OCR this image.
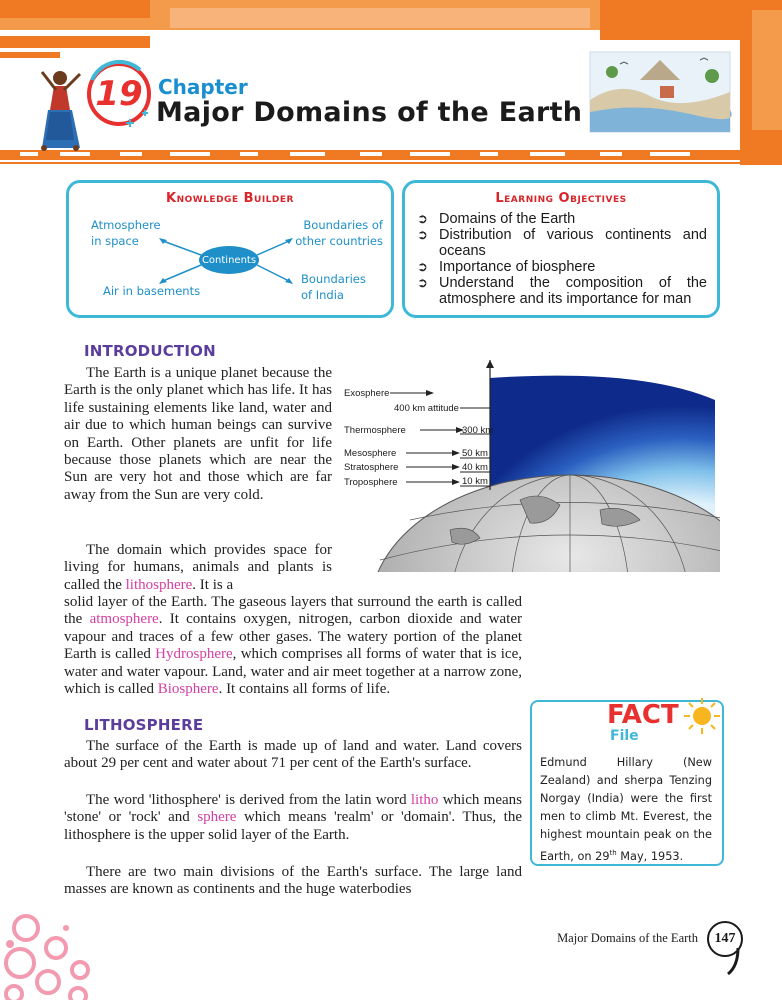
19 Chapter
Major Domains of the Earth
Knowledge Builder
Continents
Atmosphere in space
Boundaries of other countries
Air in basements
Boundaries of India
Learning Objectives
➲ Domains of the Earth
➲ Distribution of various continents and oceans
➲ Importance of biosphere
➲ Understand the composition of the atmosphere and its importance for man
INTRODUCTION

The Earth is a unique planet because the Earth is the only planet which has life. It has life sustaining elements like land, water and air due to which human beings can survive on Earth. Other planets are unfit for life because those planets which are near the Sun are very hot and those which are far away from the Sun are very cold.

The domain which provides space for living for humans, animals and plants is called the lithosphere. It is a

solid layer of the Earth. The gaseous layers that surround the earth is called the atmosphere. It contains oxygen, nitrogen, carbon dioxide and water vapour and traces of a few other gases. The watery portion of the planet Earth is called Hydrosphere, which comprises all forms of water that is ice, water and water vapour. Land, water and air meet together at a narrow zone, which is called Biosphere. It contains all forms of life.

Exosphere
400 km attitude
Thermosphere
Mesosphere
Stratosphere
Troposphere
300 km
50 km
40 km
10 km
LITHOSPHERE

The surface of the Earth is made up of land and water. Land covers about 29 per cent and water about 71 per cent of the Earth's surface.

The word 'lithosphere' is derived from the latin word litho which means 'stone' or 'rock' and sphere which means 'realm' or 'domain'. Thus, the lithosphere is the upper solid layer of the Earth.

There are two main divisions of the Earth's surface. The large land masses are known as continents and the huge waterbodies

FACT
File

Edmund Hillary (New Zealand) and sherpa Tenzing Norgay (India) were the first men to climb Mt. Everest, the highest mountain peak on the Earth, on 29th May, 1953.

Major Domains of the Earth	147
